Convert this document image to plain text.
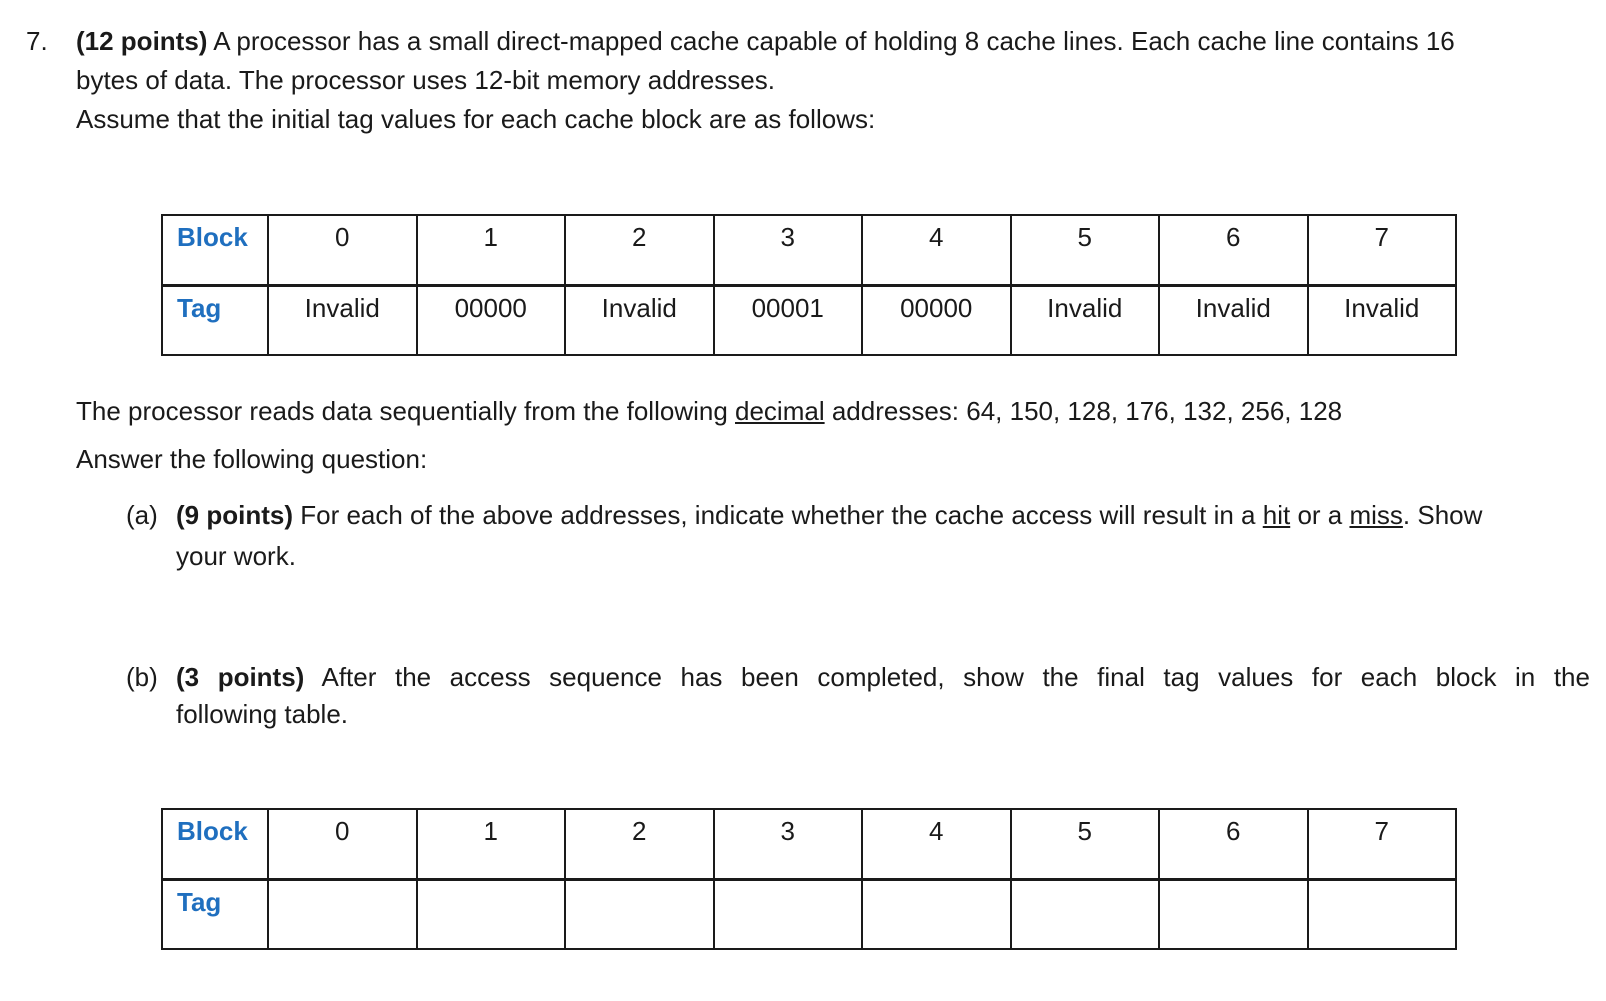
7. (12 points) A processor has a small direct-mapped cache capable of holding 8 cache lines. Each cache line contains 16
bytes of data. The processor uses 12-bit memory addresses.
Assume that the initial tag values for each cache block are as follows:
Block	0	1	2	3	4	5	6	7
Tag	Invalid	00000	Invalid	00001	00000	Invalid	Invalid	Invalid
The processor reads data sequentially from the following decimal addresses: 64, 150, 128, 176, 132, 256, 128
Answer the following question:
(a) (9 points) For each of the above addresses, indicate whether the cache access will result in a hit or a miss. Show
your work.
(b) (3 points) After the access sequence has been completed, show the final tag values for each block in the
following table.
Block	0	1	2	3	4	5	6	7
Tag								
